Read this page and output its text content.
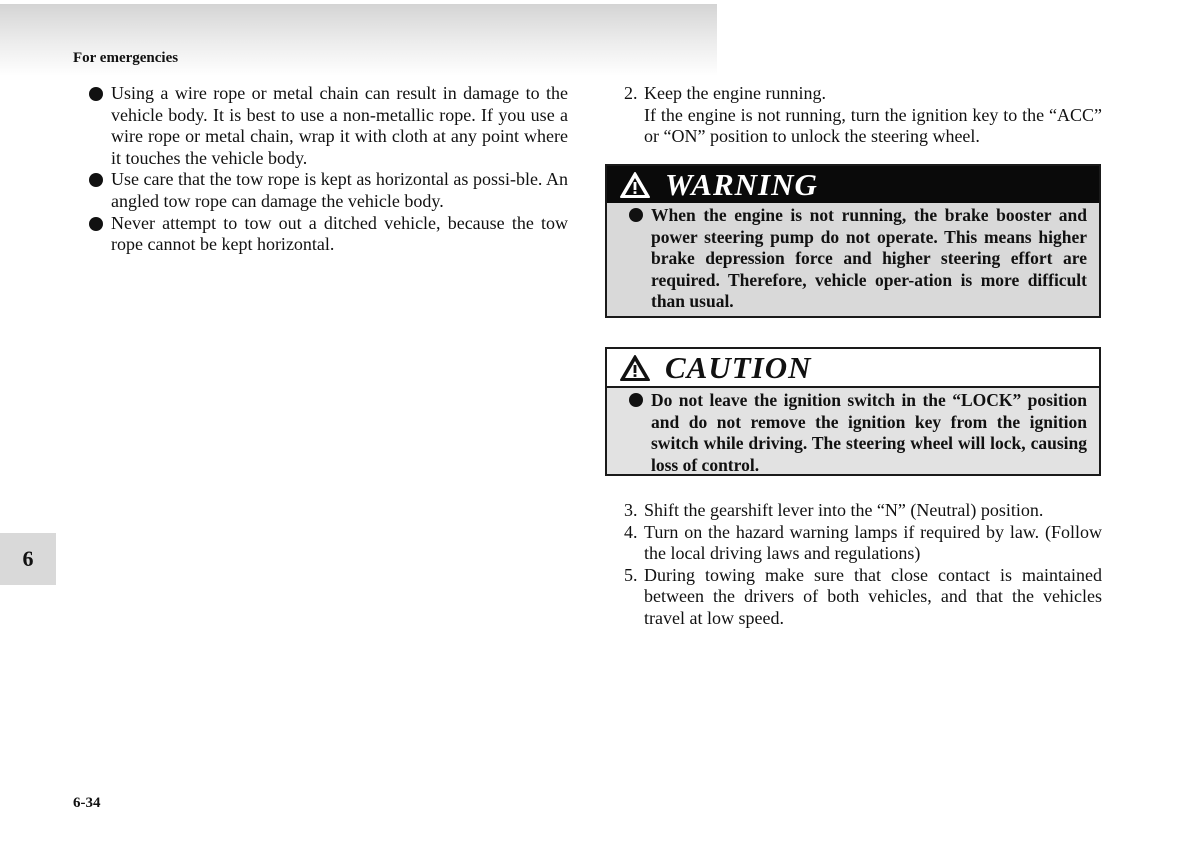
For emergencies
6
6-34
Using a wire rope or metal chain can result in damage to the vehicle body. It is best to use a non-metallic rope. If you use a wire rope or metal chain, wrap it with cloth at any point where it touches the vehicle body.
Use care that the tow rope is kept as horizontal as possi-ble. An angled tow rope can damage the vehicle body.
Never attempt to tow out a ditched vehicle, because the tow rope cannot be kept horizontal.
2. Keep the engine running.

If the engine is not running, turn the ignition key to the “ACC” or “ON” position to unlock the steering wheel.

WARNING
When the engine is not running, the brake booster and power steering pump do not operate. This means higher brake depression force and higher steering effort are required. Therefore, vehicle oper-ation is more difficult than usual.
CAUTION
Do not leave the ignition switch in the “LOCK” position and do not remove the ignition key from the ignition switch while driving. The steering wheel will lock, causing loss of control.
3. Shift the gearshift lever into the “N” (Neutral) position.
4. Turn on the hazard warning lamps if required by law. (Follow the local driving laws and regulations)
5. During towing make sure that close contact is maintained between the drivers of both vehicles, and that the vehicles travel at low speed.
